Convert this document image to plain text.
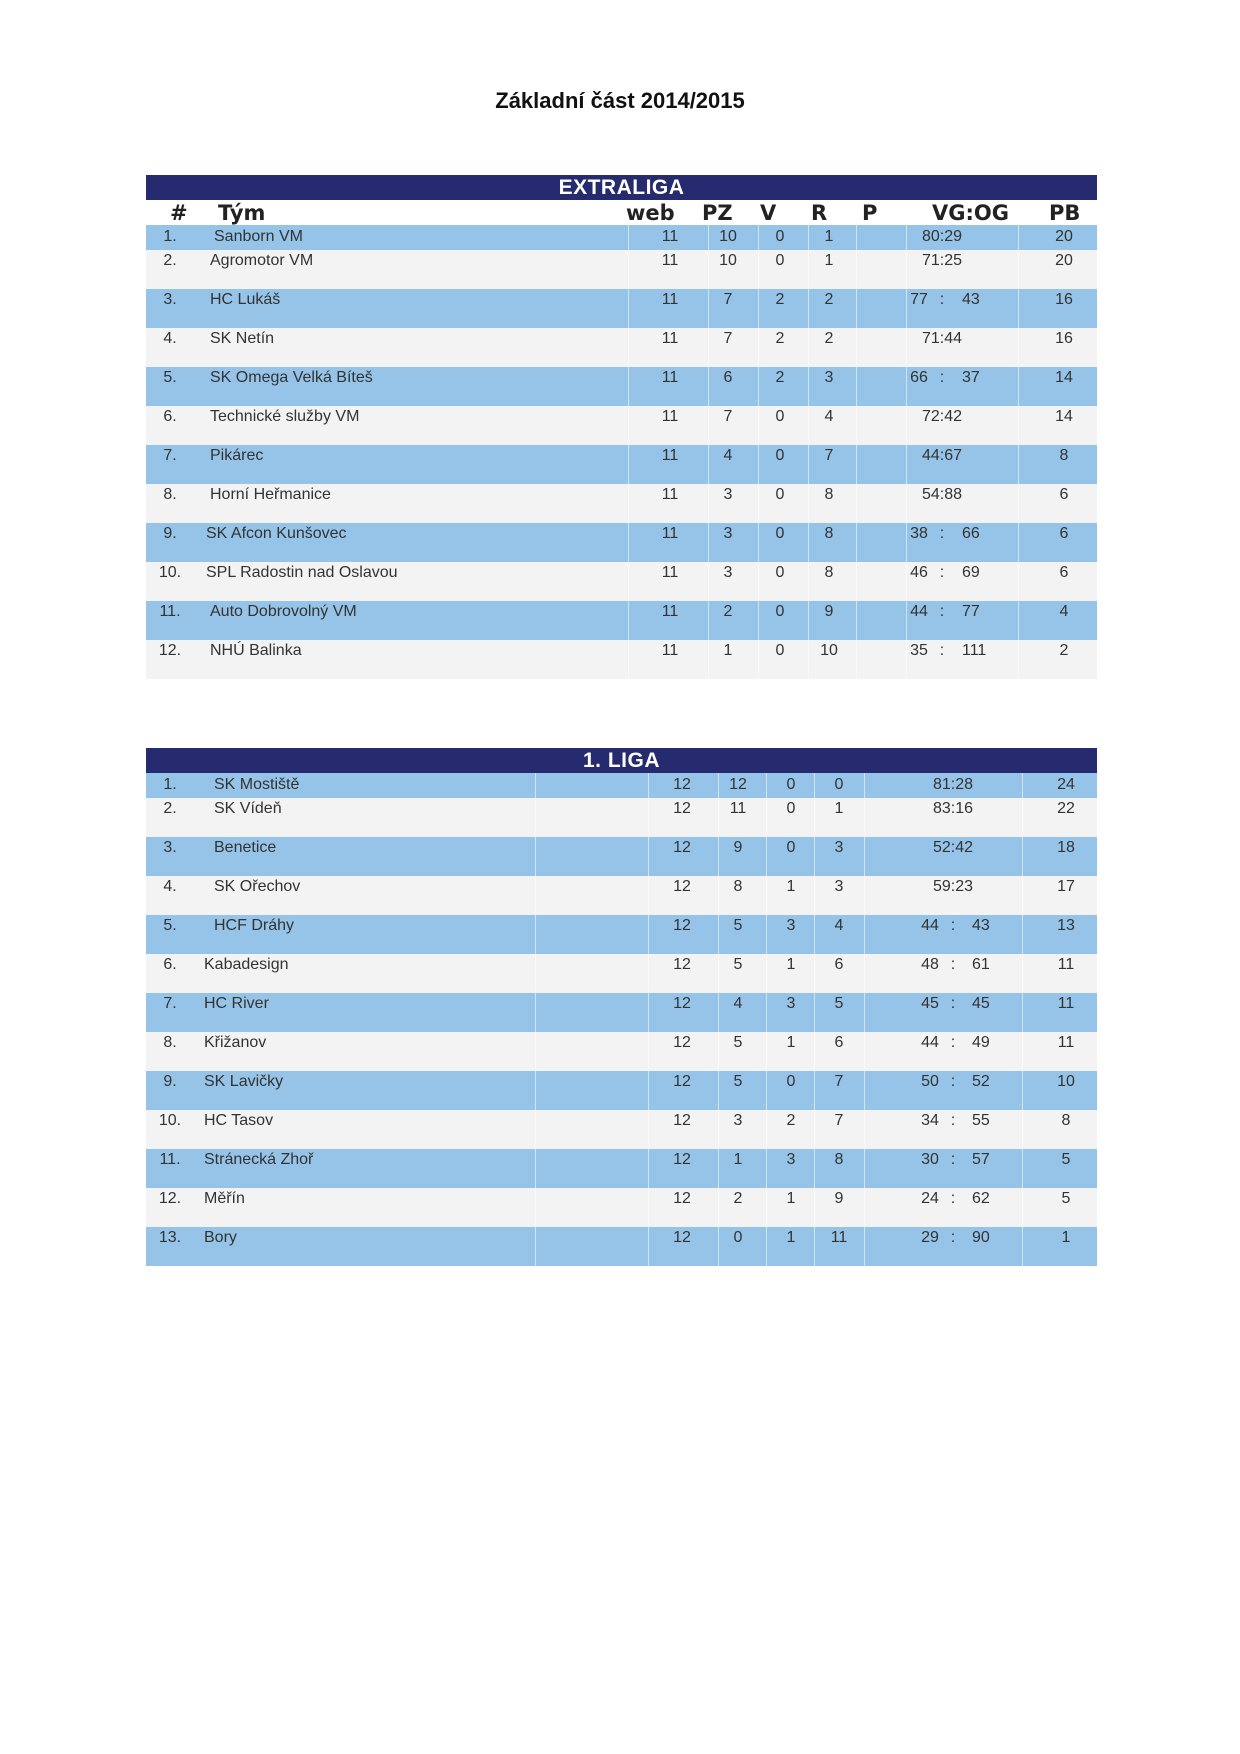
Základní část 2014/2015
EXTRALIGA
# Tým	web PZ V R P	VG:OG PB
1.	Sanborn VM	11	10	0	1	80:29	20
2.	Agromotor VM	11	10	0	1	71:25	20
3.	HC Lukáš	11	7	2	2	77 : 43	16
4.	SK Netín	11	7	2	2	71:44	16
5.	SK Omega Velká Bíteš	11	6	2	3	66 : 37	14
6.	Technické služby VM	11	7	0	4	72:42	14
7.	Pikárec	11	4	0	7	44:67	8
8.	Horní Heřmanice	11	3	0	8	54:88	6
9.	SK Afcon Kunšovec	11	3	0	8	38 : 66	6
10.	SPL Radostin nad Oslavou	11	3	0	8	46 : 69	6
11.	Auto Dobrovolný VM	11	2	0	9	44 : 77	4
12.	NHÚ Balinka	11	1	0	10	35 : 111	2
1. LIGA
1.	SK Mostiště	12	12	0	0	81:28	24
2.	SK Vídeň	12	11	0	1	83:16	22
3.	Benetice	12	9	0	3	52:42	18
4.	SK Ořechov	12	8	1	3	59:23	17
5.	HCF Dráhy	12	5	3	4	44 : 43	13
6.	Kabadesign	12	5	1	6	48 : 61	11
7.	HC River	12	4	3	5	45 : 45	11
8.	Křižanov	12	5	1	6	44 : 49	11
9.	SK Lavičky	12	5	0	7	50 : 52	10
10.	HC Tasov	12	3	2	7	34 : 55	8
11.	Stránecká Zhoř	12	1	3	8	30 : 57	5
12.	Měřín	12	2	1	9	24 : 62	5
13.	Bory	12	0	1	11	29 : 90	1
